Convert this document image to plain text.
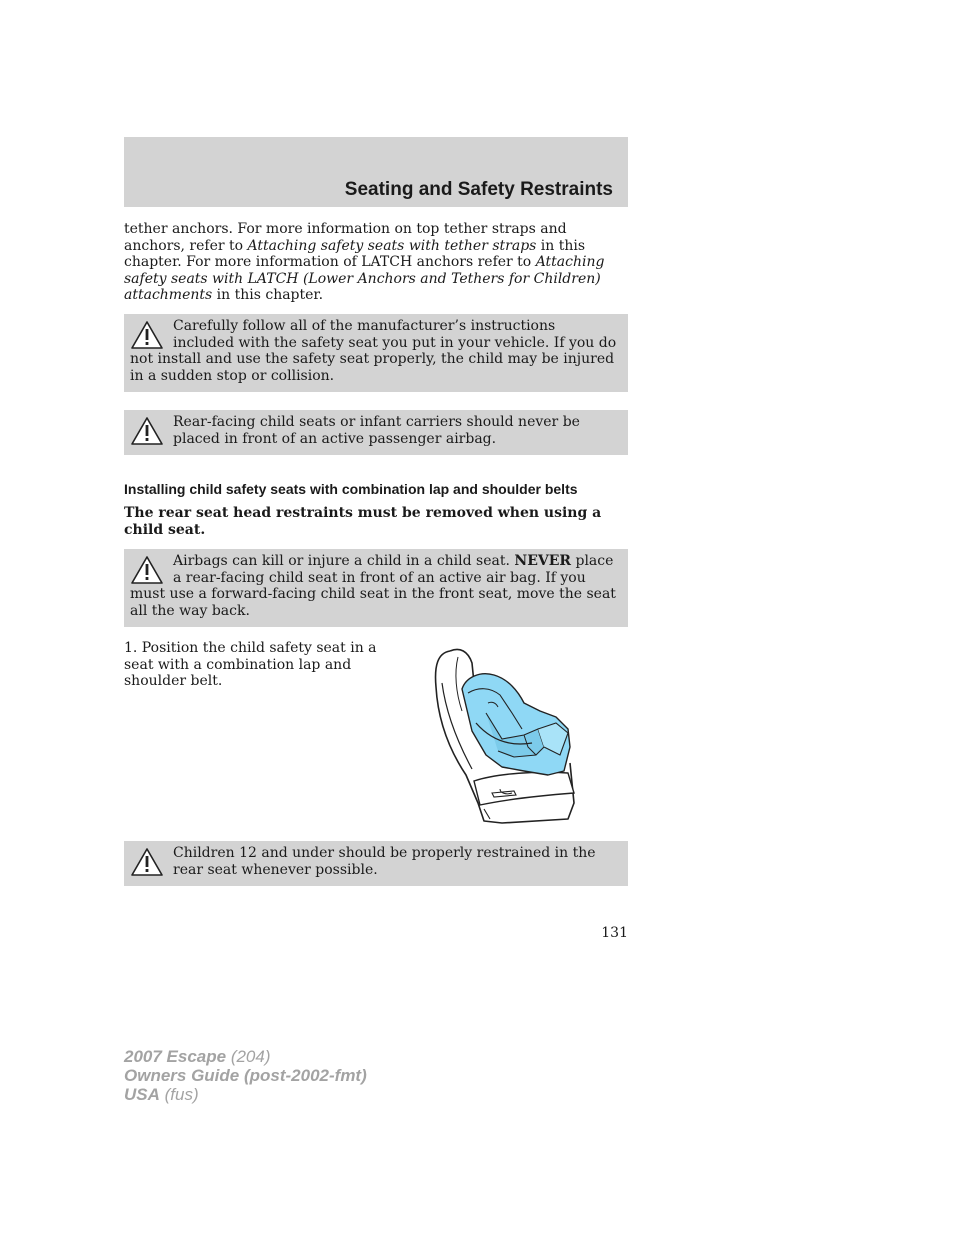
Seating and Safety Restraints
tether anchors. For more information on top tether straps and anchors, refer to Attaching safety seats with tether straps in this chapter. For more information of LATCH anchors refer to Attaching safety seats with LATCH (Lower Anchors and Tethers for Children) attachments in this chapter.
Carefully follow all of the manufacturer’s instructions included with the safety seat you put in your vehicle. If you do not install and use the safety seat properly, the child may be injured in a sudden stop or collision.
Rear-facing child seats or infant carriers should never be placed in front of an active passenger airbag.
Installing child safety seats with combination lap and shoulder belts
The rear seat head restraints must be removed when using a child seat.
Airbags can kill or injure a child in a child seat. NEVER place a rear-facing child seat in front of an active air bag. If you must use a forward-facing child seat in the front seat, move the seat all the way back.
1. Position the child safety seat in a seat with a combination lap and shoulder belt.
Children 12 and under should be properly restrained in the rear seat whenever possible.
131
2007 Escape (204)
Owners Guide (post-2002-fmt)
USA (fus)
